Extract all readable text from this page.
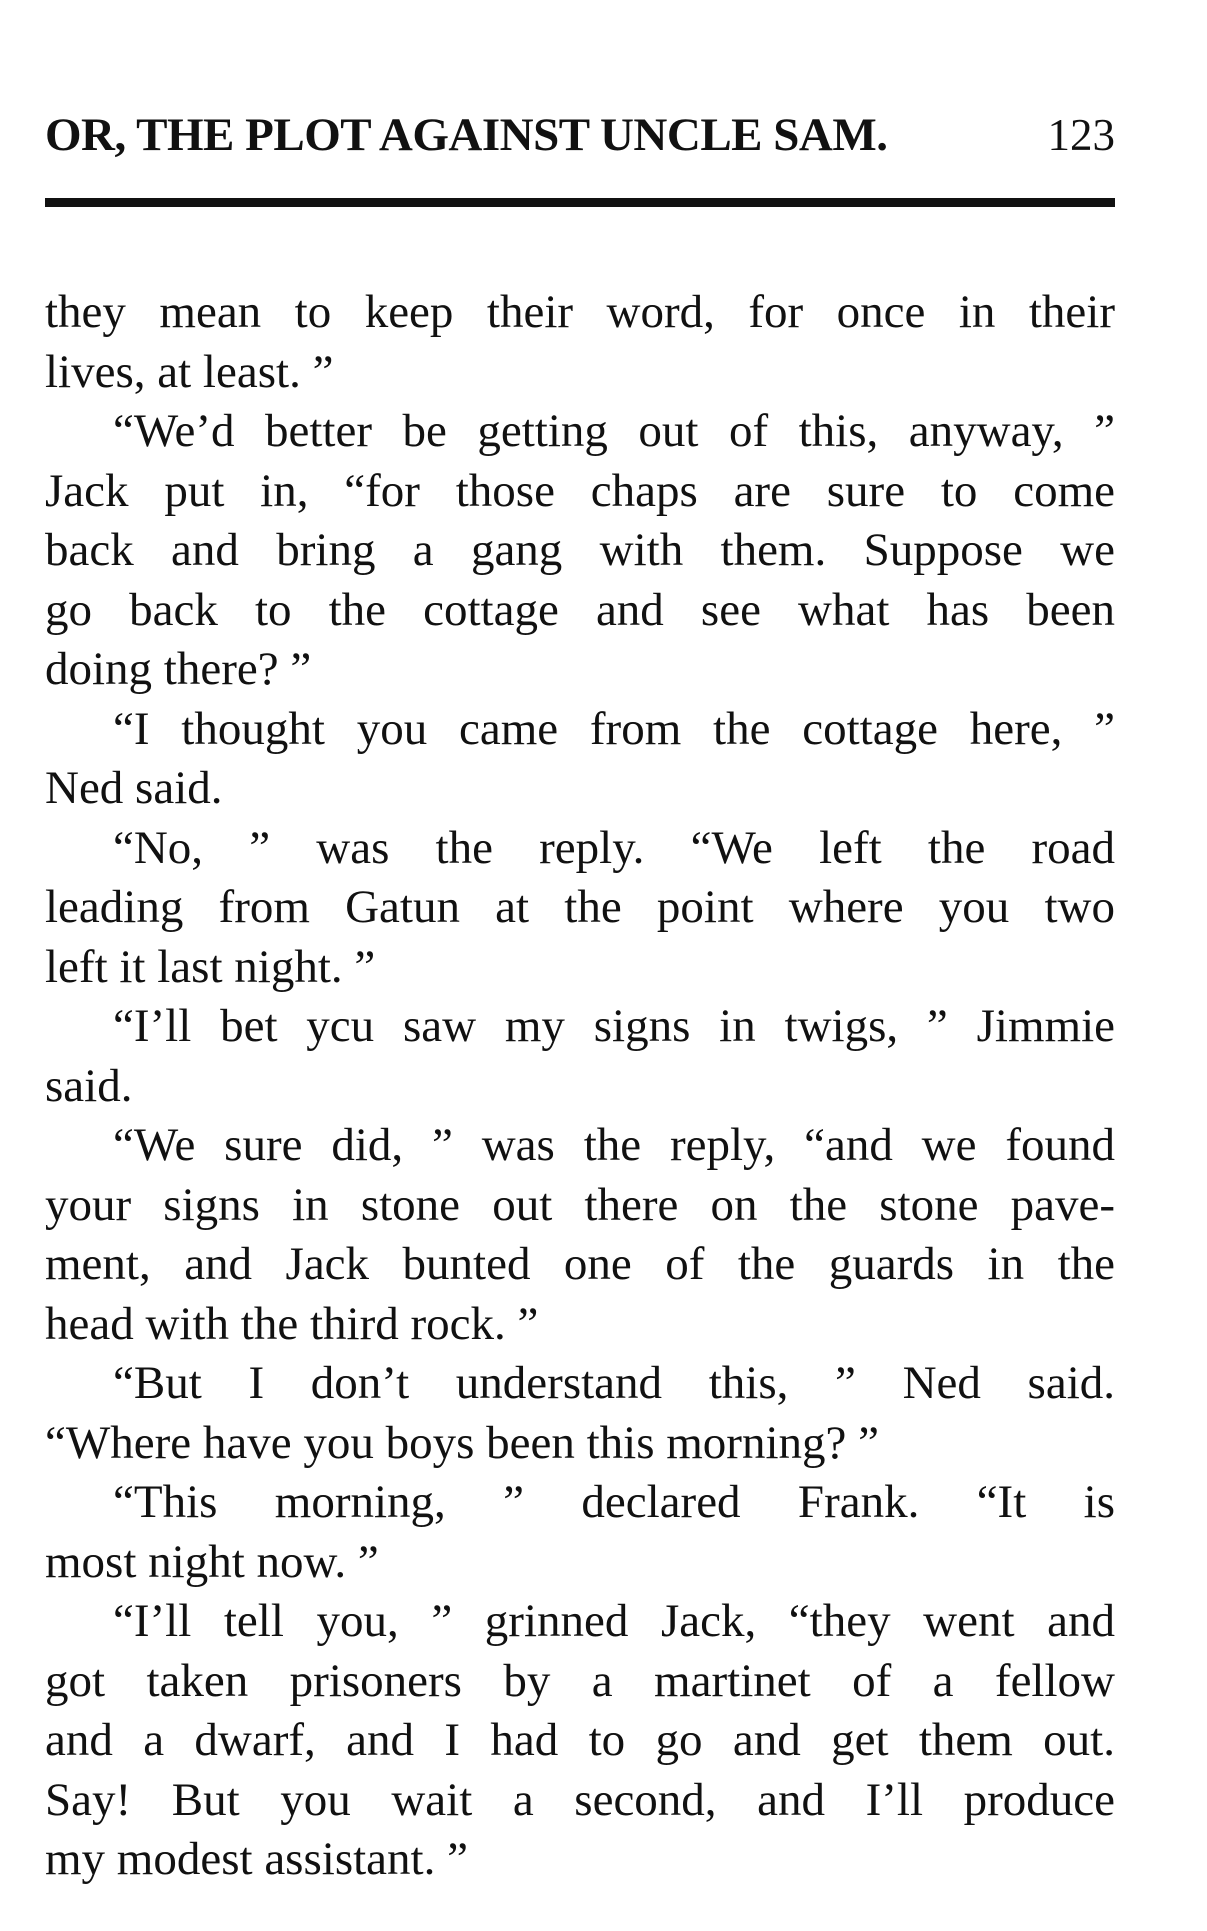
OR, THE PLOT AGAINST UNCLE SAM.	123
they mean to keep their word, for once in their
lives, at least. ”
“We’d better be getting out of this, anyway, ”
Jack put in, “for those chaps are sure to come
back and bring a gang with them. Suppose we
go back to the cottage and see what has been
doing there? ”
“I thought you came from the cottage here, ”
Ned said.
“No, ” was the reply. “We left the road
leading from Gatun at the point where you two
left it last night. ”
“I’ll bet ycu saw my signs in twigs, ” Jimmie
said.
“We sure did, ” was the reply, “and we found
your signs in stone out there on the stone pave-
ment, and Jack bunted one of the guards in the
head with the third rock. ”
“But I don’t understand this, ” Ned said.
“Where have you boys been this morning? ”
“This morning, ” declared Frank. “It is
most night now. ”
“I’ll tell you, ” grinned Jack, “they went and
got taken prisoners by a martinet of a fellow
and a dwarf, and I had to go and get them out.
Say! But you wait a second, and I’ll produce
my modest assistant. ”
